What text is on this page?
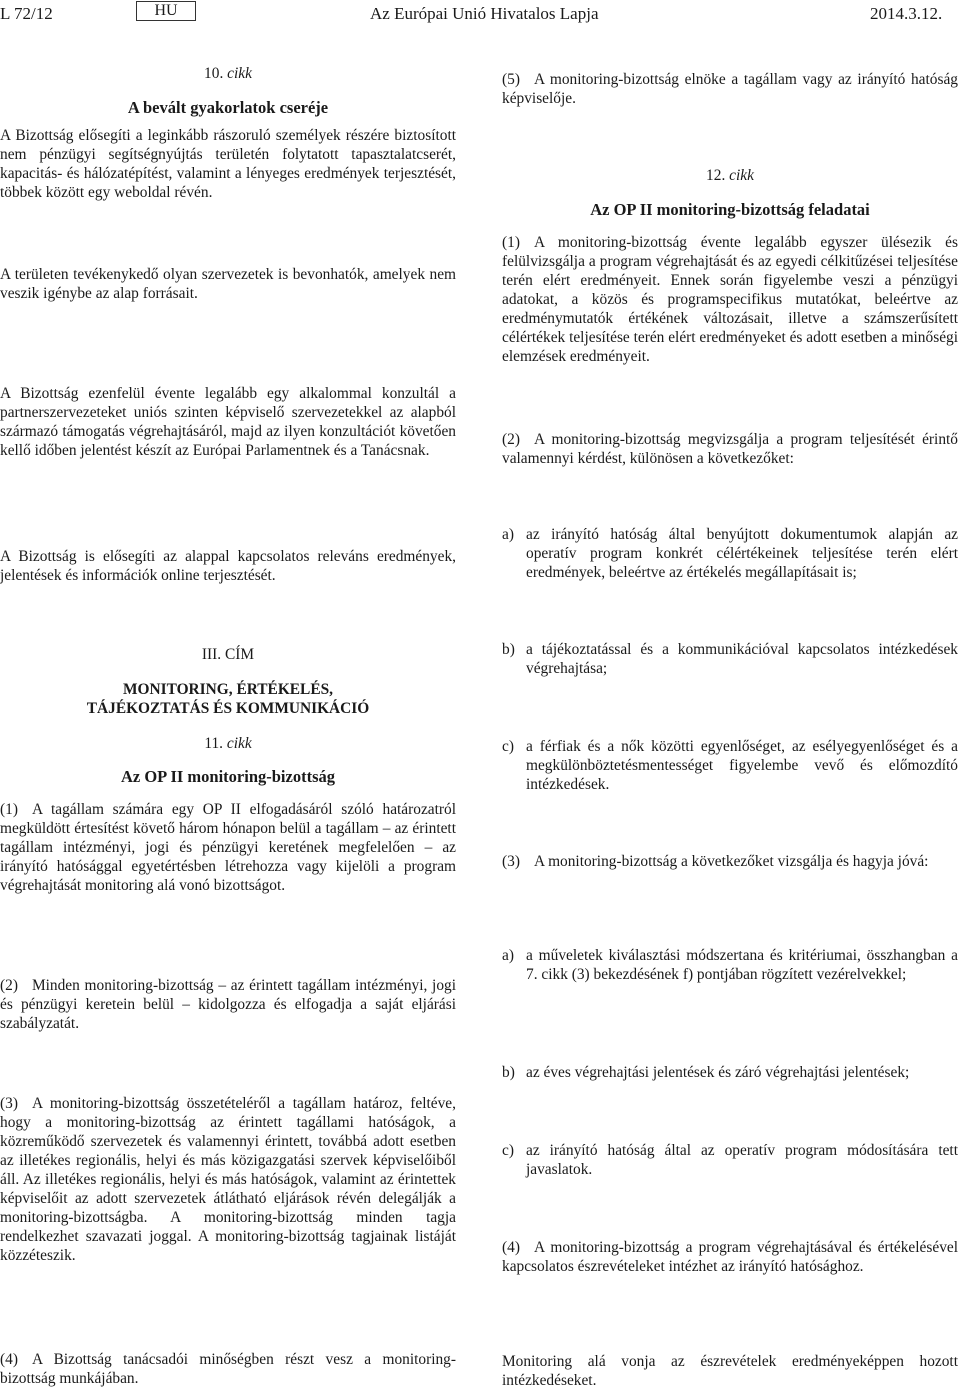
L 72/12	HU	Az Európai Unió Hivatalos Lapja	2014.3.12.
10. cikk
A bevált gyakorlatok cseréje

A Bizottság elősegíti a leginkább rászoruló személyek részére biztosított nem pénzügyi segítségnyújtás területén folytatott tapasztalatcserét, kapacitás- és hálózatépítést, valamint a lényeges eredmények terjesztését, többek között egy weboldal révén.

A területen tevékenykedő olyan szervezetek is bevonhatók, amelyek nem veszik igénybe az alap forrásait.

A Bizottság ezenfelül évente legalább egy alkalommal konzultál a partnerszervezeteket uniós szinten képviselő szervezetekkel az alapból származó támogatás végrehajtásáról, majd az ilyen konzultációt követően kellő időben jelentést készít az Európai Parlamentnek és a Tanácsnak.

A Bizottság is elősegíti az alappal kapcsolatos releváns eredmények, jelentések és információk online terjesztését.

III. CÍM
MONITORING, ÉRTÉKELÉS, TÁJÉKOZTATÁS ÉS KOMMUNIKÁCIÓ
11. cikk
Az OP II monitoring-bizottság

(1) A tagállam számára egy OP II elfogadásáról szóló határozatról megküldött értesítést követő három hónapon belül a tagállam – az érintett tagállam intézményi, jogi és pénzügyi keretének megfelelően – az irányító hatósággal egyetértésben létrehozza vagy kijelöli a program végrehajtását monitoring alá vonó bizottságot.

(2) Minden monitoring-bizottság – az érintett tagállam intézményi, jogi és pénzügyi keretein belül – kidolgozza és elfogadja a saját eljárási szabályzatát.

(3) A monitoring-bizottság összetételéről a tagállam határoz, feltéve, hogy a monitoring-bizottság az érintett tagállami hatóságok, a közreműködő szervezetek és valamennyi érintett, továbbá adott esetben az illetékes regionális, helyi és más közigazgatási szervek képviselőiből áll. Az illetékes regionális, helyi és más hatóságok, valamint az érintettek képviselőit az adott szervezetek átlátható eljárások révén delegálják a monitoring-bizottságba. A monitoring-bizottság minden tagja rendelkezhet szavazati joggal. A monitoring-bizottság tagjainak listáját közzéteszik.

(4) A Bizottság tanácsadói minőségben részt vesz a monitoring-bizottság munkájában.

(5) A monitoring-bizottság elnöke a tagállam vagy az irányító hatóság képviselője.

12. cikk
Az OP II monitoring-bizottság feladatai

(1) A monitoring-bizottság évente legalább egyszer ülésezik és felülvizsgálja a program végrehajtását és az egyedi célkitűzései teljesítése terén elért eredményeit. Ennek során figyelembe veszi a pénzügyi adatokat, a közös és programspecifikus mutatókat, beleértve az eredménymutatók értékének változásait, illetve a számszerűsített célértékek teljesítése terén elért eredményeket és adott esetben a minőségi elemzések eredményeit.

(2) A monitoring-bizottság megvizsgálja a program teljesítését érintő valamennyi kérdést, különösen a következőket:

a) az irányító hatóság által benyújtott dokumentumok alapján az operatív program konkrét célértékeinek teljesítése terén elért eredmények, beleértve az értékelés megállapításait is;
b) a tájékoztatással és a kommunikációval kapcsolatos intézkedések végrehajtása;
c) a férfiak és a nők közötti egyenlőséget, az esélyegyenlőséget és a megkülönböztetésmentességet figyelembe vevő és előmozdító intézkedések.

(3) A monitoring-bizottság a következőket vizsgálja és hagyja jóvá:

a) a műveletek kiválasztási módszertana és kritériumai, összhangban a 7. cikk (3) bekezdésének f) pontjában rögzített vezérelvekkel;
b) az éves végrehajtási jelentések és záró végrehajtási jelentések;
c) az irányító hatóság által az operatív program módosítására tett javaslatok.

(4) A monitoring-bizottság a program végrehajtásával és értékelésével kapcsolatos észrevételeket intézhet az irányító hatósághoz.

Monitoring alá vonja az észrevételek eredményeképpen hozott intézkedéseket.
